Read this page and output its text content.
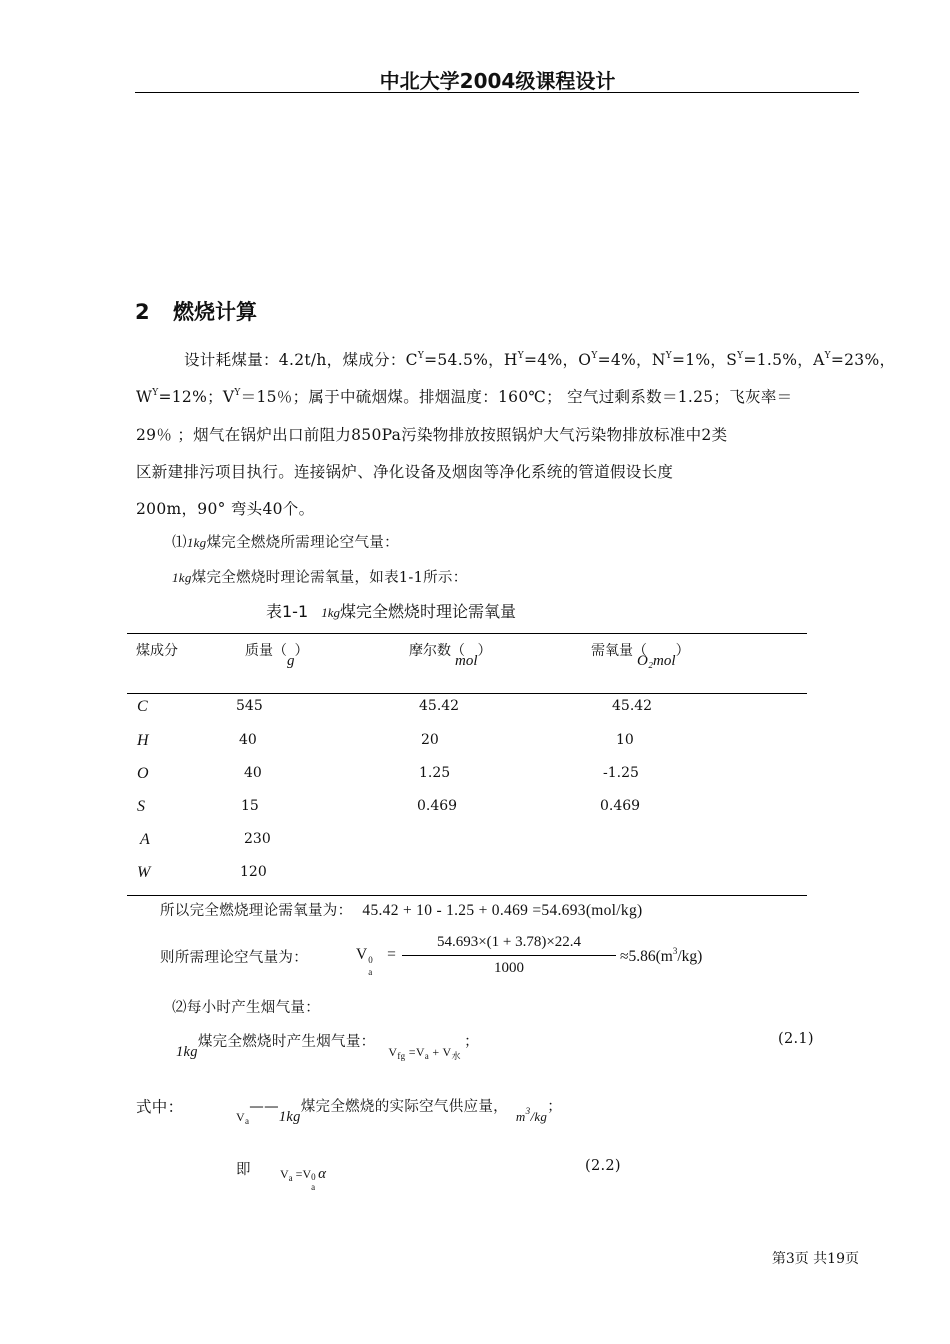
中北大学2004级课程设计
2 燃烧计算
设计耗煤量：4.2t/h，煤成分：$C^Y=54.5\%$，$H^Y=4\%$，$O^Y=4\%$，$N^Y=1\%$，$S^Y=1.5\%$，$A^Y=23\%$，
$W^Y=12\%$；$V^Y=15$％；属于中硫烟煤。排烟温度：160℃； 空气过剩系数＝1.25；飞灰率＝
29％ ；烟气在锅炉出口前阻力850Pa污染物排放按照锅炉大气污染物排放标准中2类
区新建排污项目执行。连接锅炉、净化设备及烟囱等净化系统的管道假设长度
200m，90° 弯头40个。
⑴1kg煤完全燃烧所需理论空气量：
1kg煤完全燃烧时理论需氧量，如表1-1所示：
表1-1 1kg煤完全燃烧时理论需氧量
煤成分	质量（g）	摩尔数（mol）	需氧量（O₂mol）
C	545	45.42	45.42
H	40	20	10
O	40	1.25	-1.25
S	15	0.469	0.469
A	230
W	120
所以完全燃烧理论需氧量为： 45.42 + 10 - 1.25 + 0.469 =54.693(mol/kg)
则所需理论空气量为：	V 0
a
=
54.693×(1 + 3.78)×22.4
1000
$\approx 5.86(m^3/kg)$
⑵每小时产生烟气量：
1kg煤完全燃烧时产生烟气量： $_{V_{fg} =V_a + V_水}$ ；	(2.1)
式中：
$_{V_a}$——1kg煤完全燃烧的实际空气供应量，$m^3/kg$；
即 $V_a =V$ 0
a
α	(2.2)
第3页 共19页
